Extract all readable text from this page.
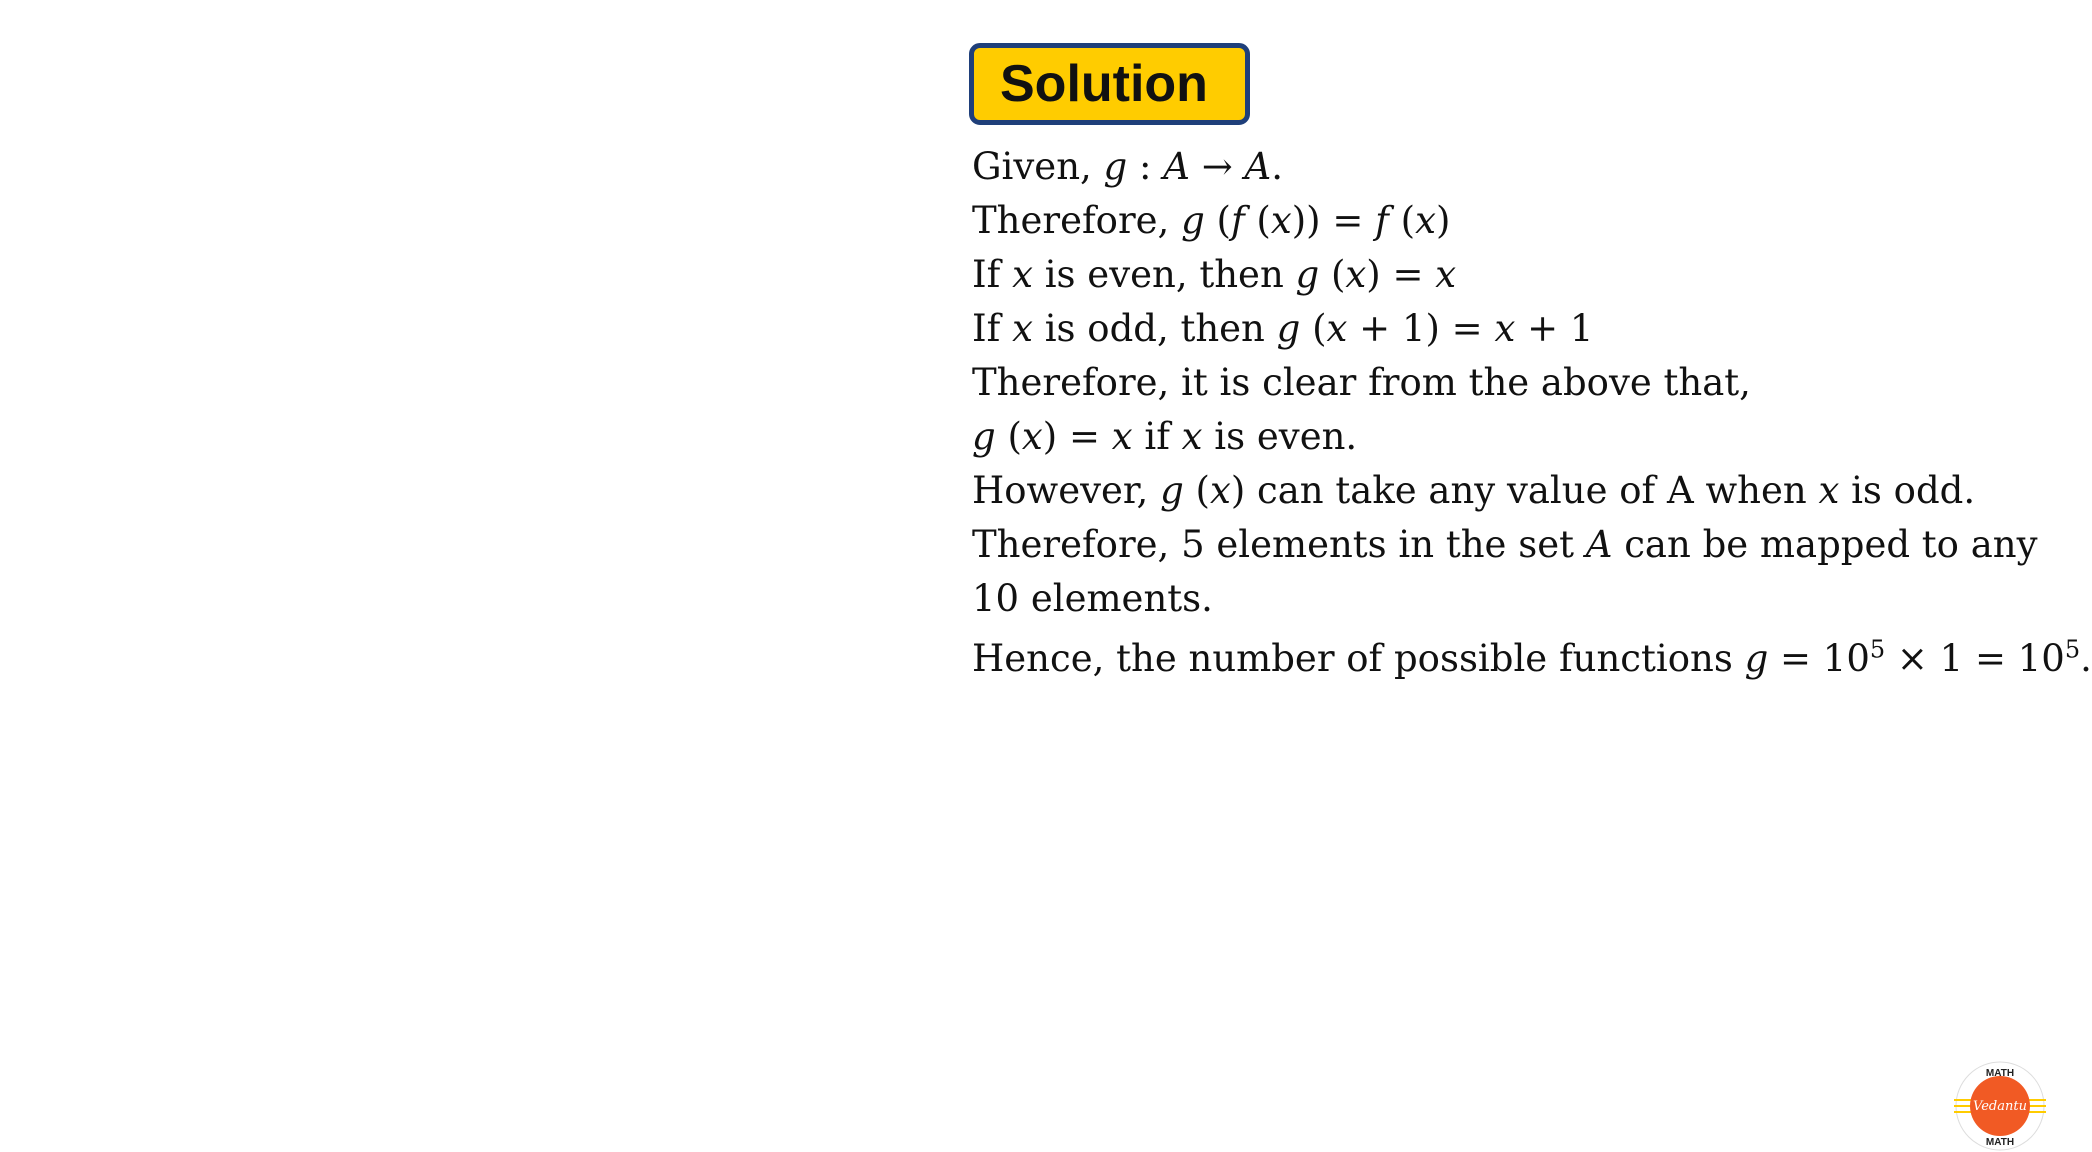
Solution
Given, g : A → A.
Therefore, g (f (x)) = f (x)
If x is even, then g (x) = x
If x is odd, then g (x + 1) = x + 1
Therefore, it is clear from the above that,
g (x) = x if x is even.
However, g (x) can take any value of A when x is odd.
Therefore, 5 elements in the set A can be mapped to any
10 elements.
Hence, the number of possible functions $g = 10^5 \times 1 = 10^5$.
MATH
Vedantu
MATH
